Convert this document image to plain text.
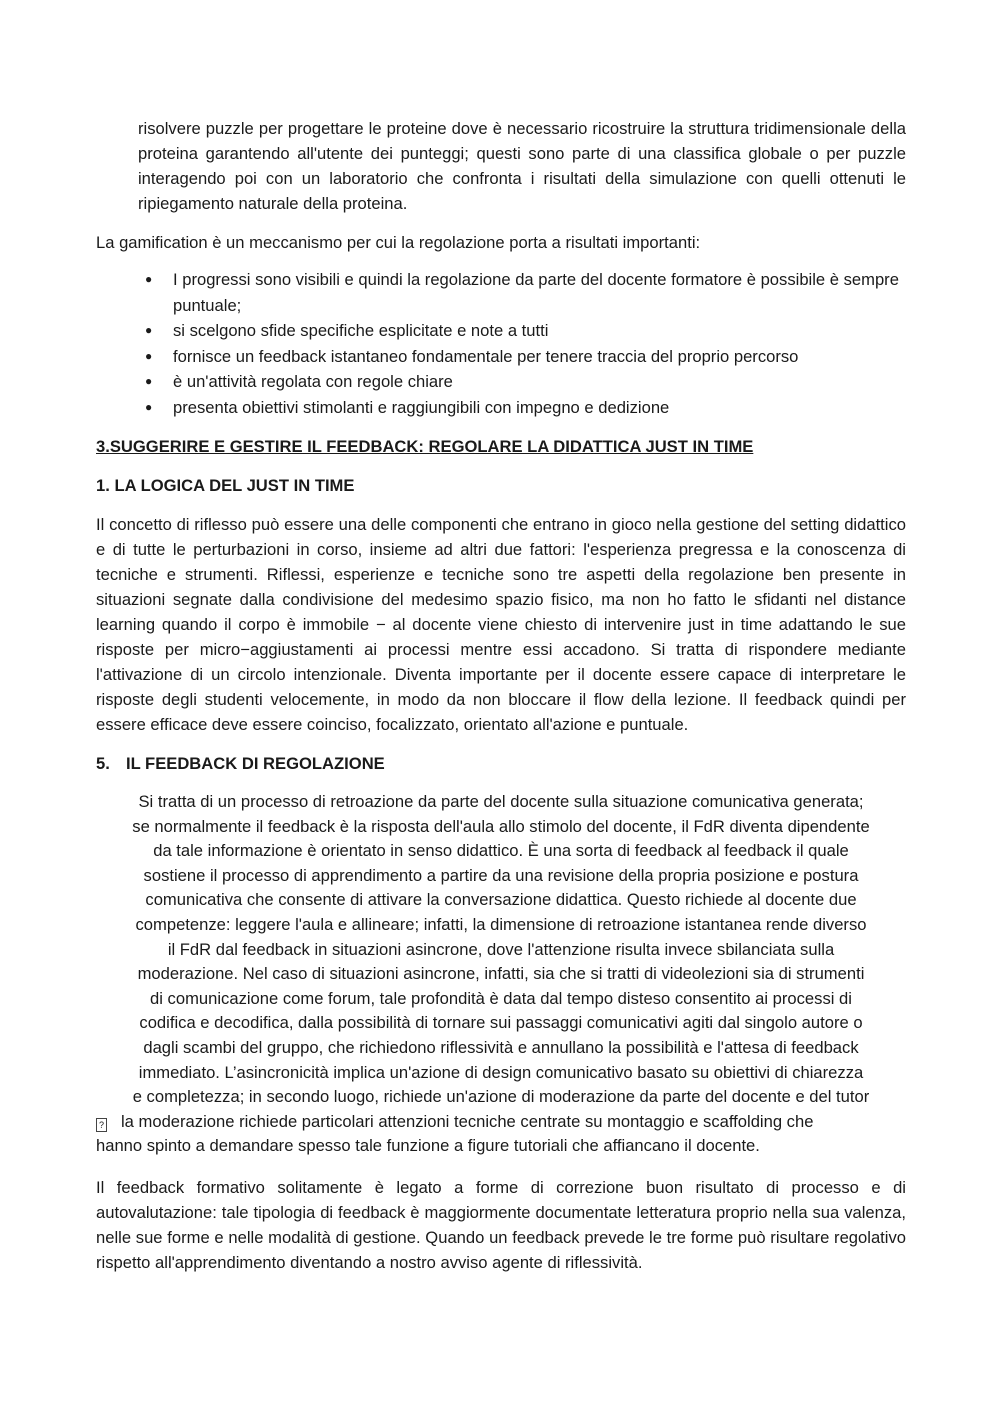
risolvere puzzle per progettare le proteine dove è necessario ricostruire la struttura tridimensionale della proteina garantendo all'utente dei punteggi; questi sono parte di una classifica globale o per puzzle interagendo poi con un laboratorio che confronta i risultati della simulazione con quelli ottenuti le ripiegamento naturale della proteina.

La gamification è un meccanismo per cui la regolazione porta a risultati importanti:

● I progressi sono visibili e quindi la regolazione da parte del docente formatore è possibile è sempre puntuale;
● si scelgono sfide specifiche esplicitate e note a tutti
● fornisce un feedback istantaneo fondamentale per tenere traccia del proprio percorso
● è un'attività regolata con regole chiare
● presenta obiettivi stimolanti e raggiungibili con impegno e dedizione
3.SUGGERIRE E GESTIRE IL FEEDBACK: REGOLARE LA DIDATTICA JUST IN TIME
1. LA LOGICA DEL JUST IN TIME

Il concetto di riflesso può essere una delle componenti che entrano in gioco nella gestione del setting didattico e di tutte le perturbazioni in corso, insieme ad altri due fattori: l'esperienza pregressa e la conoscenza di tecniche e strumenti. Riflessi, esperienze e tecniche sono tre aspetti della regolazione ben presente in situazioni segnate dalla condivisione del medesimo spazio fisico, ma non ho fatto le sfidanti nel distance learning quando il corpo è immobile − al docente viene chiesto di intervenire just in time adattando le sue risposte per micro−aggiustamenti ai processi mentre essi accadono. Si tratta di rispondere mediante l'attivazione di un circolo intenzionale. Diventa importante per il docente essere capace di interpretare le risposte degli studenti velocemente, in modo da non bloccare il flow della lezione. Il feedback quindi per essere efficace deve essere coinciso, focalizzato, orientato all'azione e puntuale.

5. IL FEEDBACK DI REGOLAZIONE

Si tratta di un processo di retroazione da parte del docente sulla situazione comunicativa generata;

se normalmente il feedback è la risposta dell'aula allo stimolo del docente, il FdR diventa dipendente

da tale informazione è orientato in senso didattico. È una sorta di feedback al feedback il quale

sostiene il processo di apprendimento a partire da una revisione della propria posizione e postura

comunicativa che consente di attivare la conversazione didattica. Questo richiede al docente due

competenze: leggere l'aula e allineare; infatti, la dimensione di retroazione istantanea rende diverso

il FdR dal feedback in situazioni asincrone, dove l'attenzione risulta invece sbilanciata sulla

moderazione. Nel caso di situazioni asincrone, infatti, sia che si tratti di videolezioni sia di strumenti

di comunicazione come forum, tale profondità è data dal tempo disteso consentito ai processi di

codifica e decodifica, dalla possibilità di tornare sui passaggi comunicativi agiti dal singolo autore o

dagli scambi del gruppo, che richiedono riflessività e annullano la possibilità e l'attesa di feedback

immediato. L’asincronicità implica un'azione di design comunicativo basato su obiettivi di chiarezza

e completezza; in secondo luogo, richiede un'azione di moderazione da parte del docente e del tutor

? la moderazione richiede particolari attenzioni tecniche centrate su montaggio e scaffolding che

hanno spinto a demandare spesso tale funzione a figure tutoriali che affiancano il docente.

Il feedback formativo solitamente è legato a forme di correzione buon risultato di processo e di autovalutazione: tale tipologia di feedback è maggiormente documentate letteratura proprio nella sua valenza, nelle sue forme e nelle modalità di gestione. Quando un feedback prevede le tre forme può risultare regolativo rispetto all'apprendimento diventando a nostro avviso agente di riflessività.
